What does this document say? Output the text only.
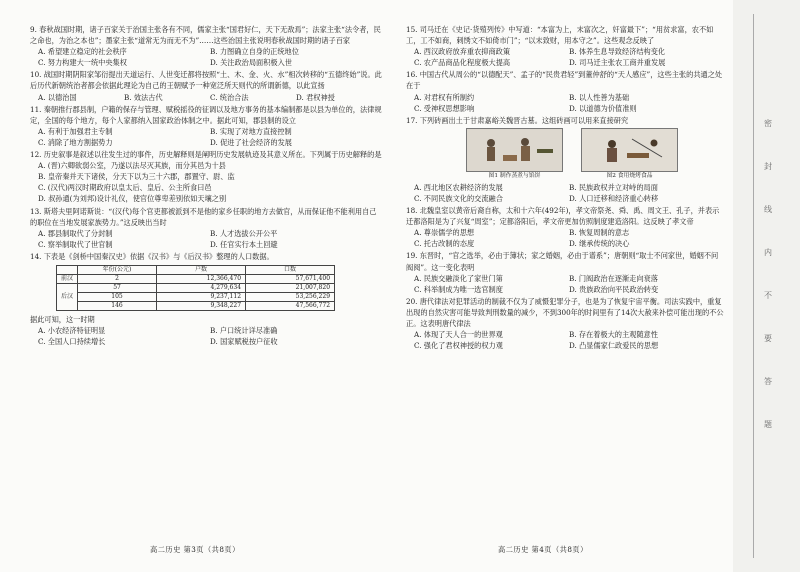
9. 春秋战国时期，诸子百家关于治国主张各有不同，儒家主张“国君好仁，天下无敌焉”；法家主张“法令者，民之命也，为治之本也”；墨家主张“道常无为而无不为”……这些治国主张说明春秋战国时期的诸子百家

A. 希望建立稳定的社会秩序	B. 力图确立自身的正统地位
C. 努力构建大一统中央集权	D. 关注政治局面积极入世

10. 战国时期阴阳家邹衍提出天道运行、人世变迁都将按照“土、木、金、火、水”相次转移的“五德终始”说。此后历代新朝统治者都会依据此理论为自己的王朝赋予一种宽泛所天则代的所谓新德，以此宣扬

A. 以德治国	B. 效法古代	C. 统治合法	D. 君权神授

11. 秦朝推行郡县制，户籍的保存与管理、赋税摇役的征调以及地方事务的基本编制都是以县为单位的，法律规定，全国的每个地方，每个人家都纳入国家政治体制之中。据此可知，郡县制的设立

A. 有利于加强君主专制	B. 实现了对地方直接控制
C. 消除了地方割据势力	D. 促进了社会经济的发展

12. 历史叙事是叙述以往发生过的事件，历史解释则是阐明历史发展轨迹及其意义所在。下列属于历史解释的是

A. (晋)六卿欲弱公室，乃遂以法尽灭其族，而分其邑为十县
B. 皇帝秦并天下诸侯，分天下以为三十六郡，郡置守、尉、监
C. (汉代)两汉时期政府以皇太后、皇后、公主所食曰邑
D. 叔孙通(为刘邦)设计礼仪，使官位尊卑差别依如天壤之别

13. 斯塔夫里阿诺斯说：“(汉代)每个官吏都被派到不是他的家乡任职的地方去做官，从而保证他不能利用自己的职位在当地发展家族势力。”这反映出当时

A. 郡县制取代了分封制	B. 人才选拔公开公平
C. 察举制取代了世官制	D. 任官实行本土回避

14. 下表是《剑桥中国秦汉史》依据《汉书》与《后汉书》整理的人口数据。

	年份(公元)	户数	口数
前汉	2	12,366,470	57,671,400
后汉	57	4,279,634	21,007,820
	105	9,237,112	53,256,229
	146	9,348,227	47,566,772

据此可知，这一时期

A. 小农经济特征明显	B. 户口统计详尽准确
C. 全国人口持续增长	D. 国家赋税按户征收
高二历史 第3页（共8页）

15. 司马迁在《史记·货殖列传》中写道：“本富为上，末富次之，奸富最下”；“用贫求富，农不如工，工不如商，刺绣文不如倚市门”；“以末致财，用本守之”。这些观念反映了

A. 西汉政府放弃重农抑商政策	B. 体养生息导致经济结构变化
C. 农产品商品化程度极大提高	D. 司马迁主张农工商并重发展

16. 中国古代从周公的“以德配天”、孟子的“民贵君轻”到董仲舒的“天人感应”，这些主张的共通之处在于

A. 对君权有所制约	B. 以人性善为基础
C. 受神权思想影响	D. 以道德为价值准则

17. 下列砖画出土于甘肃嘉峪关魏晋古墓。这组砖画可以用来直接研究

图1 制作蒸煮与馅饼	图2 食用烧烤食品
A. 西北地区农耕经济的发展	B. 民族政权并立对峙的局面
C. 不同民族文化的交流融合	D. 人口迁移和经济重心转移

18. 北魏皇室以黄帝后裔自称，太和十六年(492年)，孝文帝祭尧、舜、禹、周文王、孔子，并表示迁都洛阳是为了兴复“周室”；定都洛阳后，孝文帝更加仿照制度建造洛阳。这反映了孝文帝

A. 尊崇儒学的思想	B. 恢复周制的意志
C. 托古改制的态度	D. 继承传统的决心

19. 东晋时，“官之选举，必由于簿状；家之婚姻，必由于谱系”；唐朝则“取士不问家世，婚姻不问阀阅”。这一变化表明

A. 民族交融淡化了家世门第	B. 门阀政治在逐渐走向衰落
C. 科举制成为唯一选官制度	D. 贵族政治向平民政治转变

20. 唐代律法对犯罪活动的制裁不仅为了威慑犯罪分子，也是为了恢复宇宙平衡。司法实践中，重复出现的自然灾害可能导致判刑数量的减少，不到300年的时间里有了14次大赦来补偿可能出现的不公正。这表明唐代律法

A. 体现了天人合一的世界观	B. 存在着极大的主观随意性
C. 强化了君权神授的权力观	D. 凸显儒家仁政爱民的思想
高二历史 第4页（共8页）
密
封
线
内
不
要
答
题
